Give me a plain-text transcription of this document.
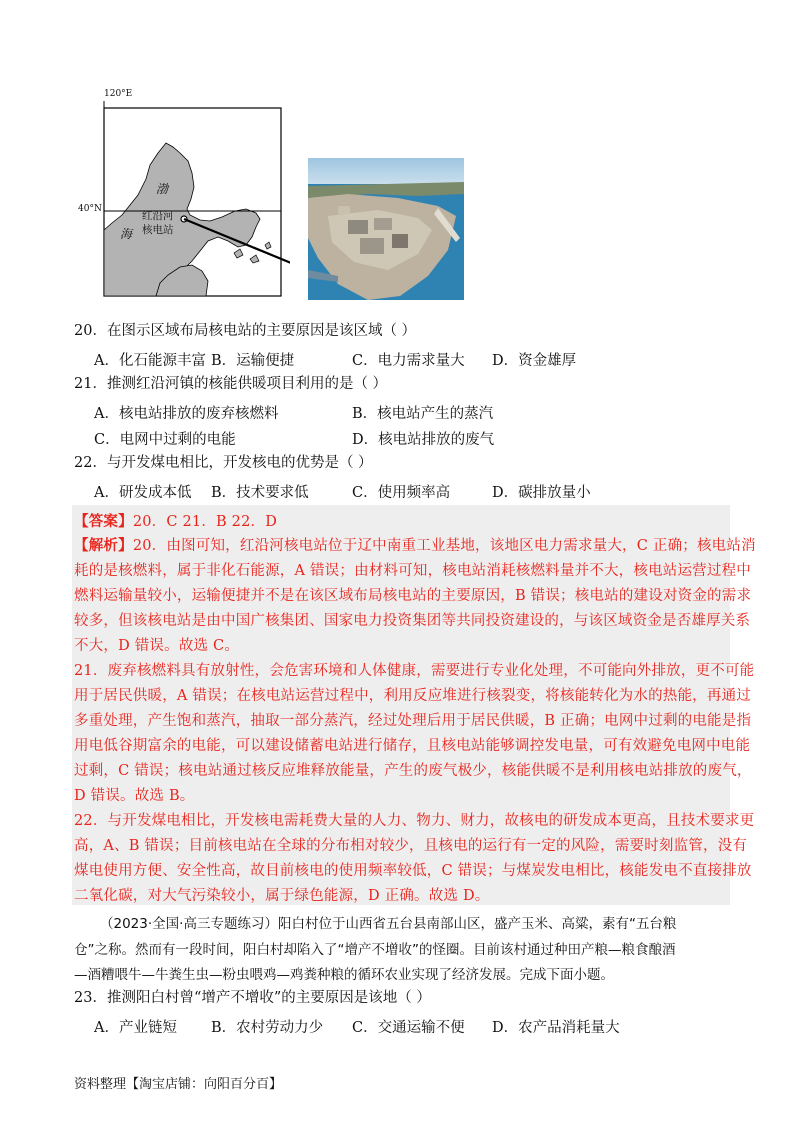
120°E
40°N
渤
海
红沿河
核电站
20．在图示区域布局核电站的主要原因是该区域（ ）
A．化石能源丰富 B．运输便捷	C．电力需求量大 D．资金雄厚
21．推测红沿河镇的核能供暖项目利用的是（ ）
A．核电站排放的废弃核燃料	B．核电站产生的蒸汽
C．电网中过剩的电能	D．核电站排放的废气
22．与开发煤电相比，开发核电的优势是（ ）
A．研发成本低 B．技术要求低	C．使用频率高	D．碳排放量小
【答案】20．C 21．B 22．D
【解析】20．由图可知，红沿河核电站位于辽中南重工业基地，该地区电力需求量大，C 正确；核电站消
耗的是核燃料，属于非化石能源，A 错误；由材料可知，核电站消耗核燃料量并不大，核电站运营过程中
燃料运输量较小，运输便捷并不是在该区域布局核电站的主要原因，B 错误；核电站的建设对资金的需求
较多，但该核电站是由中国广核集团、国家电力投资集团等共同投资建设的，与该区域资金是否雄厚关系
不大，D 错误。故选 C。
21．废弃核燃料具有放射性，会危害环境和人体健康，需要进行专业化处理，不可能向外排放，更不可能
用于居民供暖，A 错误；在核电站运营过程中，利用反应堆进行核裂变，将核能转化为水的热能，再通过
多重处理，产生饱和蒸汽，抽取一部分蒸汽，经过处理后用于居民供暖，B 正确；电网中过剩的电能是指
用电低谷期富余的电能，可以建设储蓄电站进行储存，且核电站能够调控发电量，可有效避免电网中电能
过剩，C 错误；核电站通过核反应堆释放能量，产生的废气极少，核能供暖不是利用核电站排放的废气，
D 错误。故选 B。
22．与开发煤电相比，开发核电需耗费大量的人力、物力、财力，故核电的研发成本更高，且技术要求更
高，A、B 错误；目前核电站在全球的分布相对较少，且核电的运行有一定的风险，需要时刻监管，没有
煤电使用方便、安全性高，故目前核电的使用频率较低，C 错误；与煤炭发电相比，核能发电不直接排放
二氧化碳，对大气污染较小，属于绿色能源，D 正确。故选 D。
（2023·全国·高三专题练习）阳白村位于山西省五台县南部山区，盛产玉米、高粱，素有“五台粮
仓”之称。然而有一段时间，阳白村却陷入了“增产不增收”的怪圈。目前该村通过种田产粮—粮食酿酒
—酒糟喂牛—牛粪生虫—粉虫喂鸡—鸡粪种粮的循环农业实现了经济发展。完成下面小题。
23．推测阳白村曾“增产不增收”的主要原因是该地（ ）
A．产业链短 B．农村劳动力少 C．交通运输不便 D．农产品消耗量大
资料整理【淘宝店铺：向阳百分百】
